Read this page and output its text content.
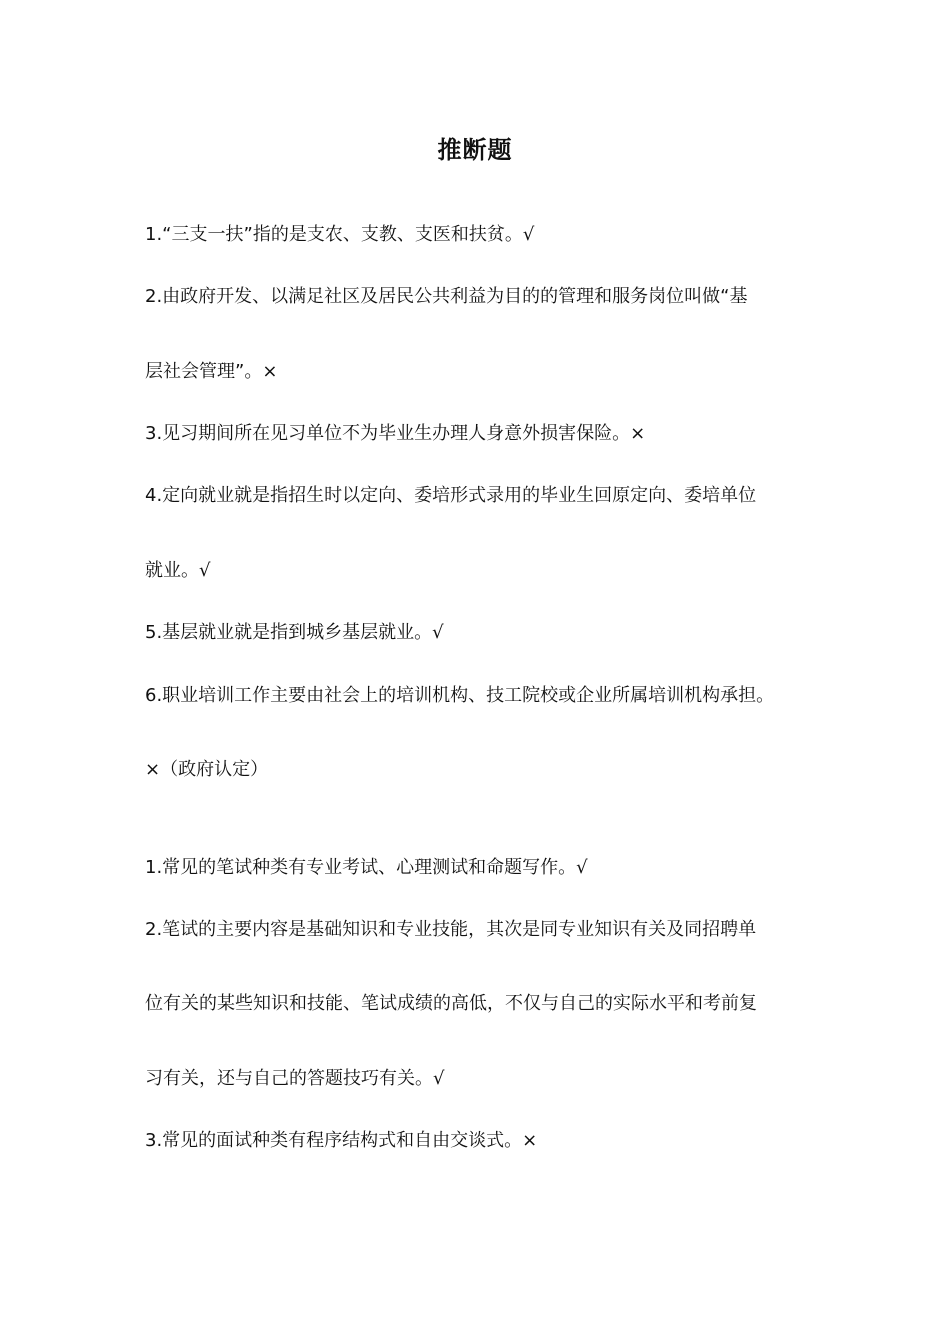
推断题
1.“三支一扶”指的是支农、支教、支医和扶贫。√
2.由政府开发、以满足社区及居民公共利益为目的的管理和服务岗位叫做“基
层社会管理”。×
3.见习期间所在见习单位不为毕业生办理人身意外损害保险。×
4.定向就业就是指招生时以定向、委培形式录用的毕业生回原定向、委培单位
就业。√
5.基层就业就是指到城乡基层就业。√
6.职业培训工作主要由社会上的培训机构、技工院校或企业所属培训机构承担。
×（政府认定）
1.常见的笔试种类有专业考试、心理测试和命题写作。√
2.笔试的主要内容是基础知识和专业技能，其次是同专业知识有关及同招聘单
位有关的某些知识和技能、笔试成绩的高低，不仅与自己的实际水平和考前复
习有关，还与自己的答题技巧有关。√
3.常见的面试种类有程序结构式和自由交谈式。×
